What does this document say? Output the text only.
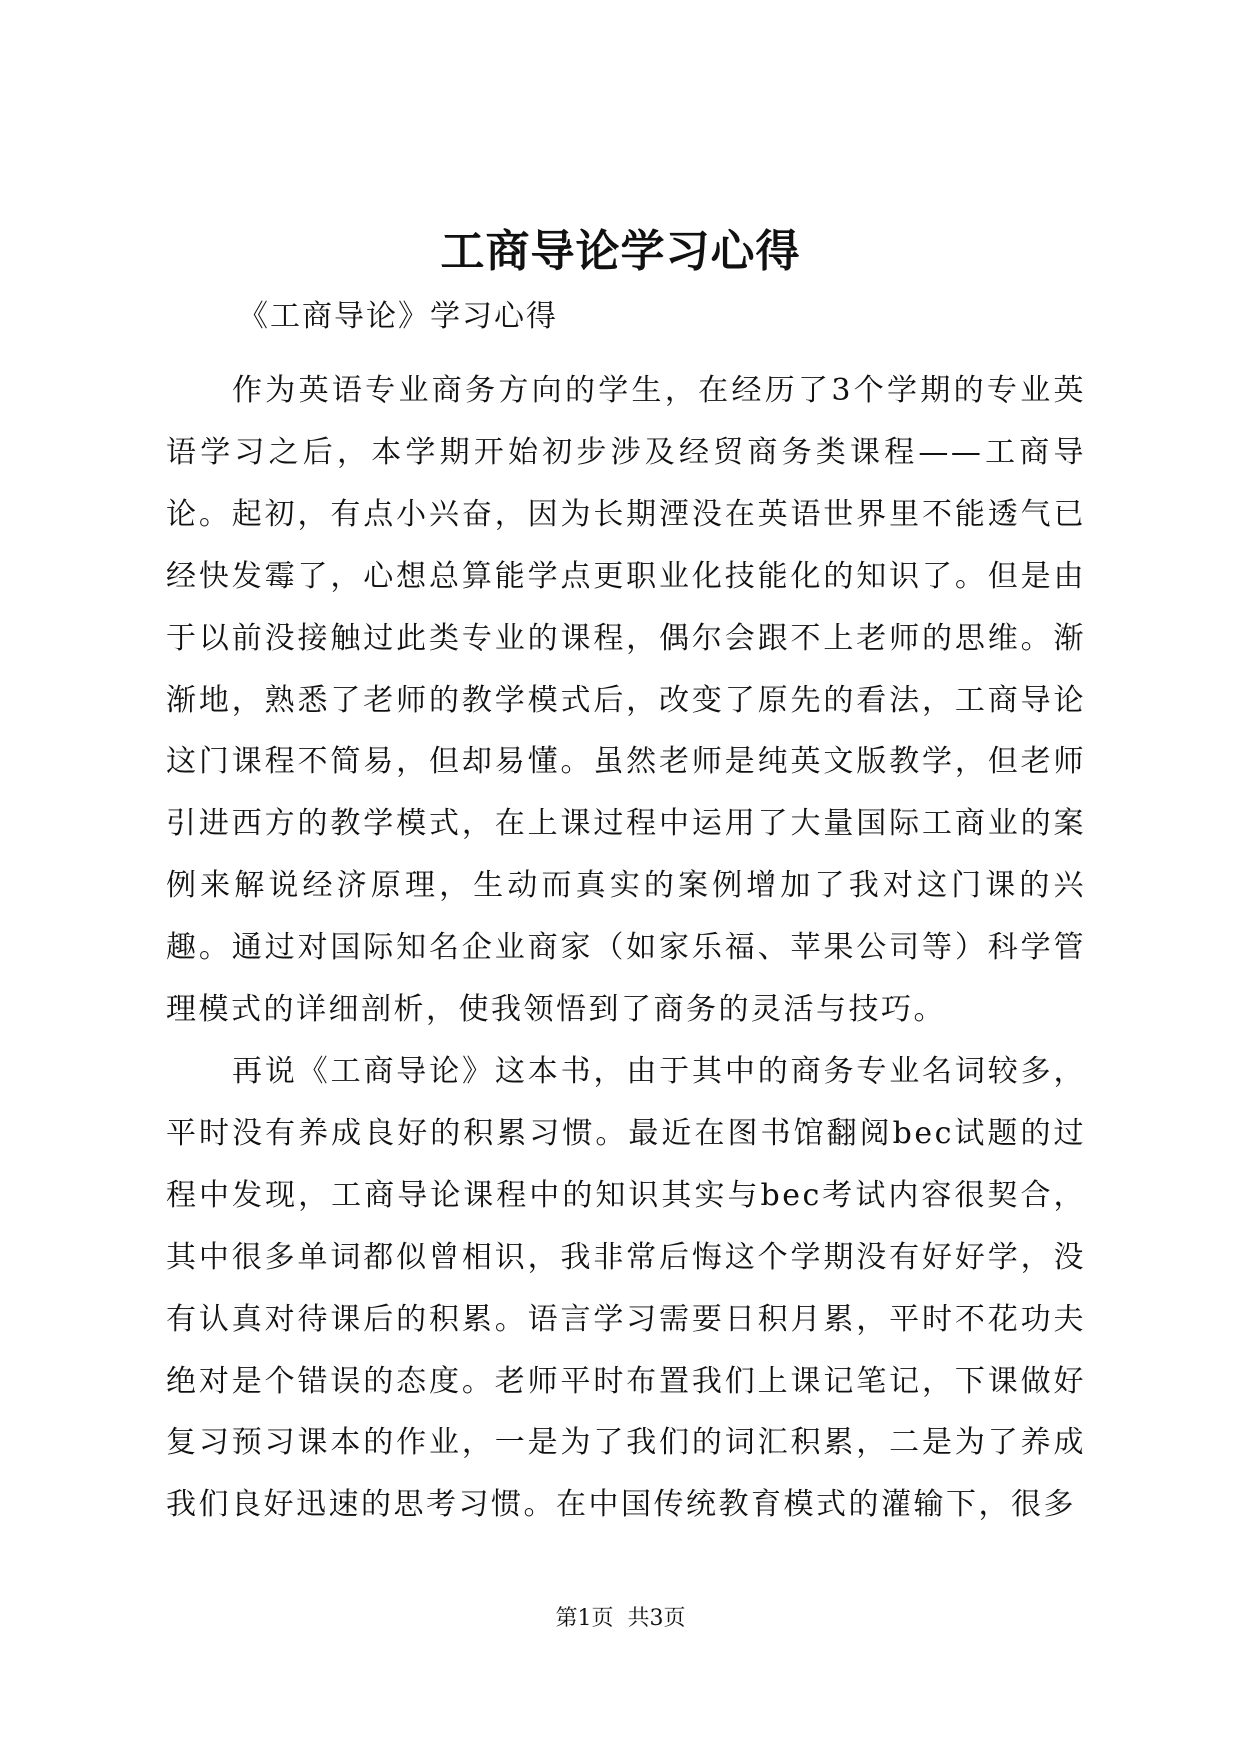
工商导论学习心得
《工商导论》学习心得

作为英语专业商务方向的学生，在经历了3个学期的专业英语学习之后，本学期开始初步涉及经贸商务类课程——工商导论。起初，有点小兴奋，因为长期湮没在英语世界里不能透气已经快发霉了，心想总算能学点更职业化技能化的知识了。但是由于以前没接触过此类专业的课程，偶尔会跟不上老师的思维。渐渐地，熟悉了老师的教学模式后，改变了原先的看法，工商导论这门课程不简易，但却易懂。虽然老师是纯英文版教学，但老师引进西方的教学模式，在上课过程中运用了大量国际工商业的案例来解说经济原理，生动而真实的案例增加了我对这门课的兴趣。通过对国际知名企业商家（如家乐福、苹果公司等）科学管理模式的详细剖析，使我领悟到了商务的灵活与技巧。

再说《工商导论》这本书，由于其中的商务专业名词较多，平时没有养成良好的积累习惯。最近在图书馆翻阅bec试题的过程中发现，工商导论课程中的知识其实与bec考试内容很契合，其中很多单词都似曾相识，我非常后悔这个学期没有好好学，没有认真对待课后的积累。语言学习需要日积月累，平时不花功夫绝对是个错误的态度。老师平时布置我们上课记笔记，下课做好复习预习课本的作业，一是为了我们的词汇积累，二是为了养成我们良好迅速的思考习惯。在中国传统教育模式的灌输下，很多

第1页  共3页
